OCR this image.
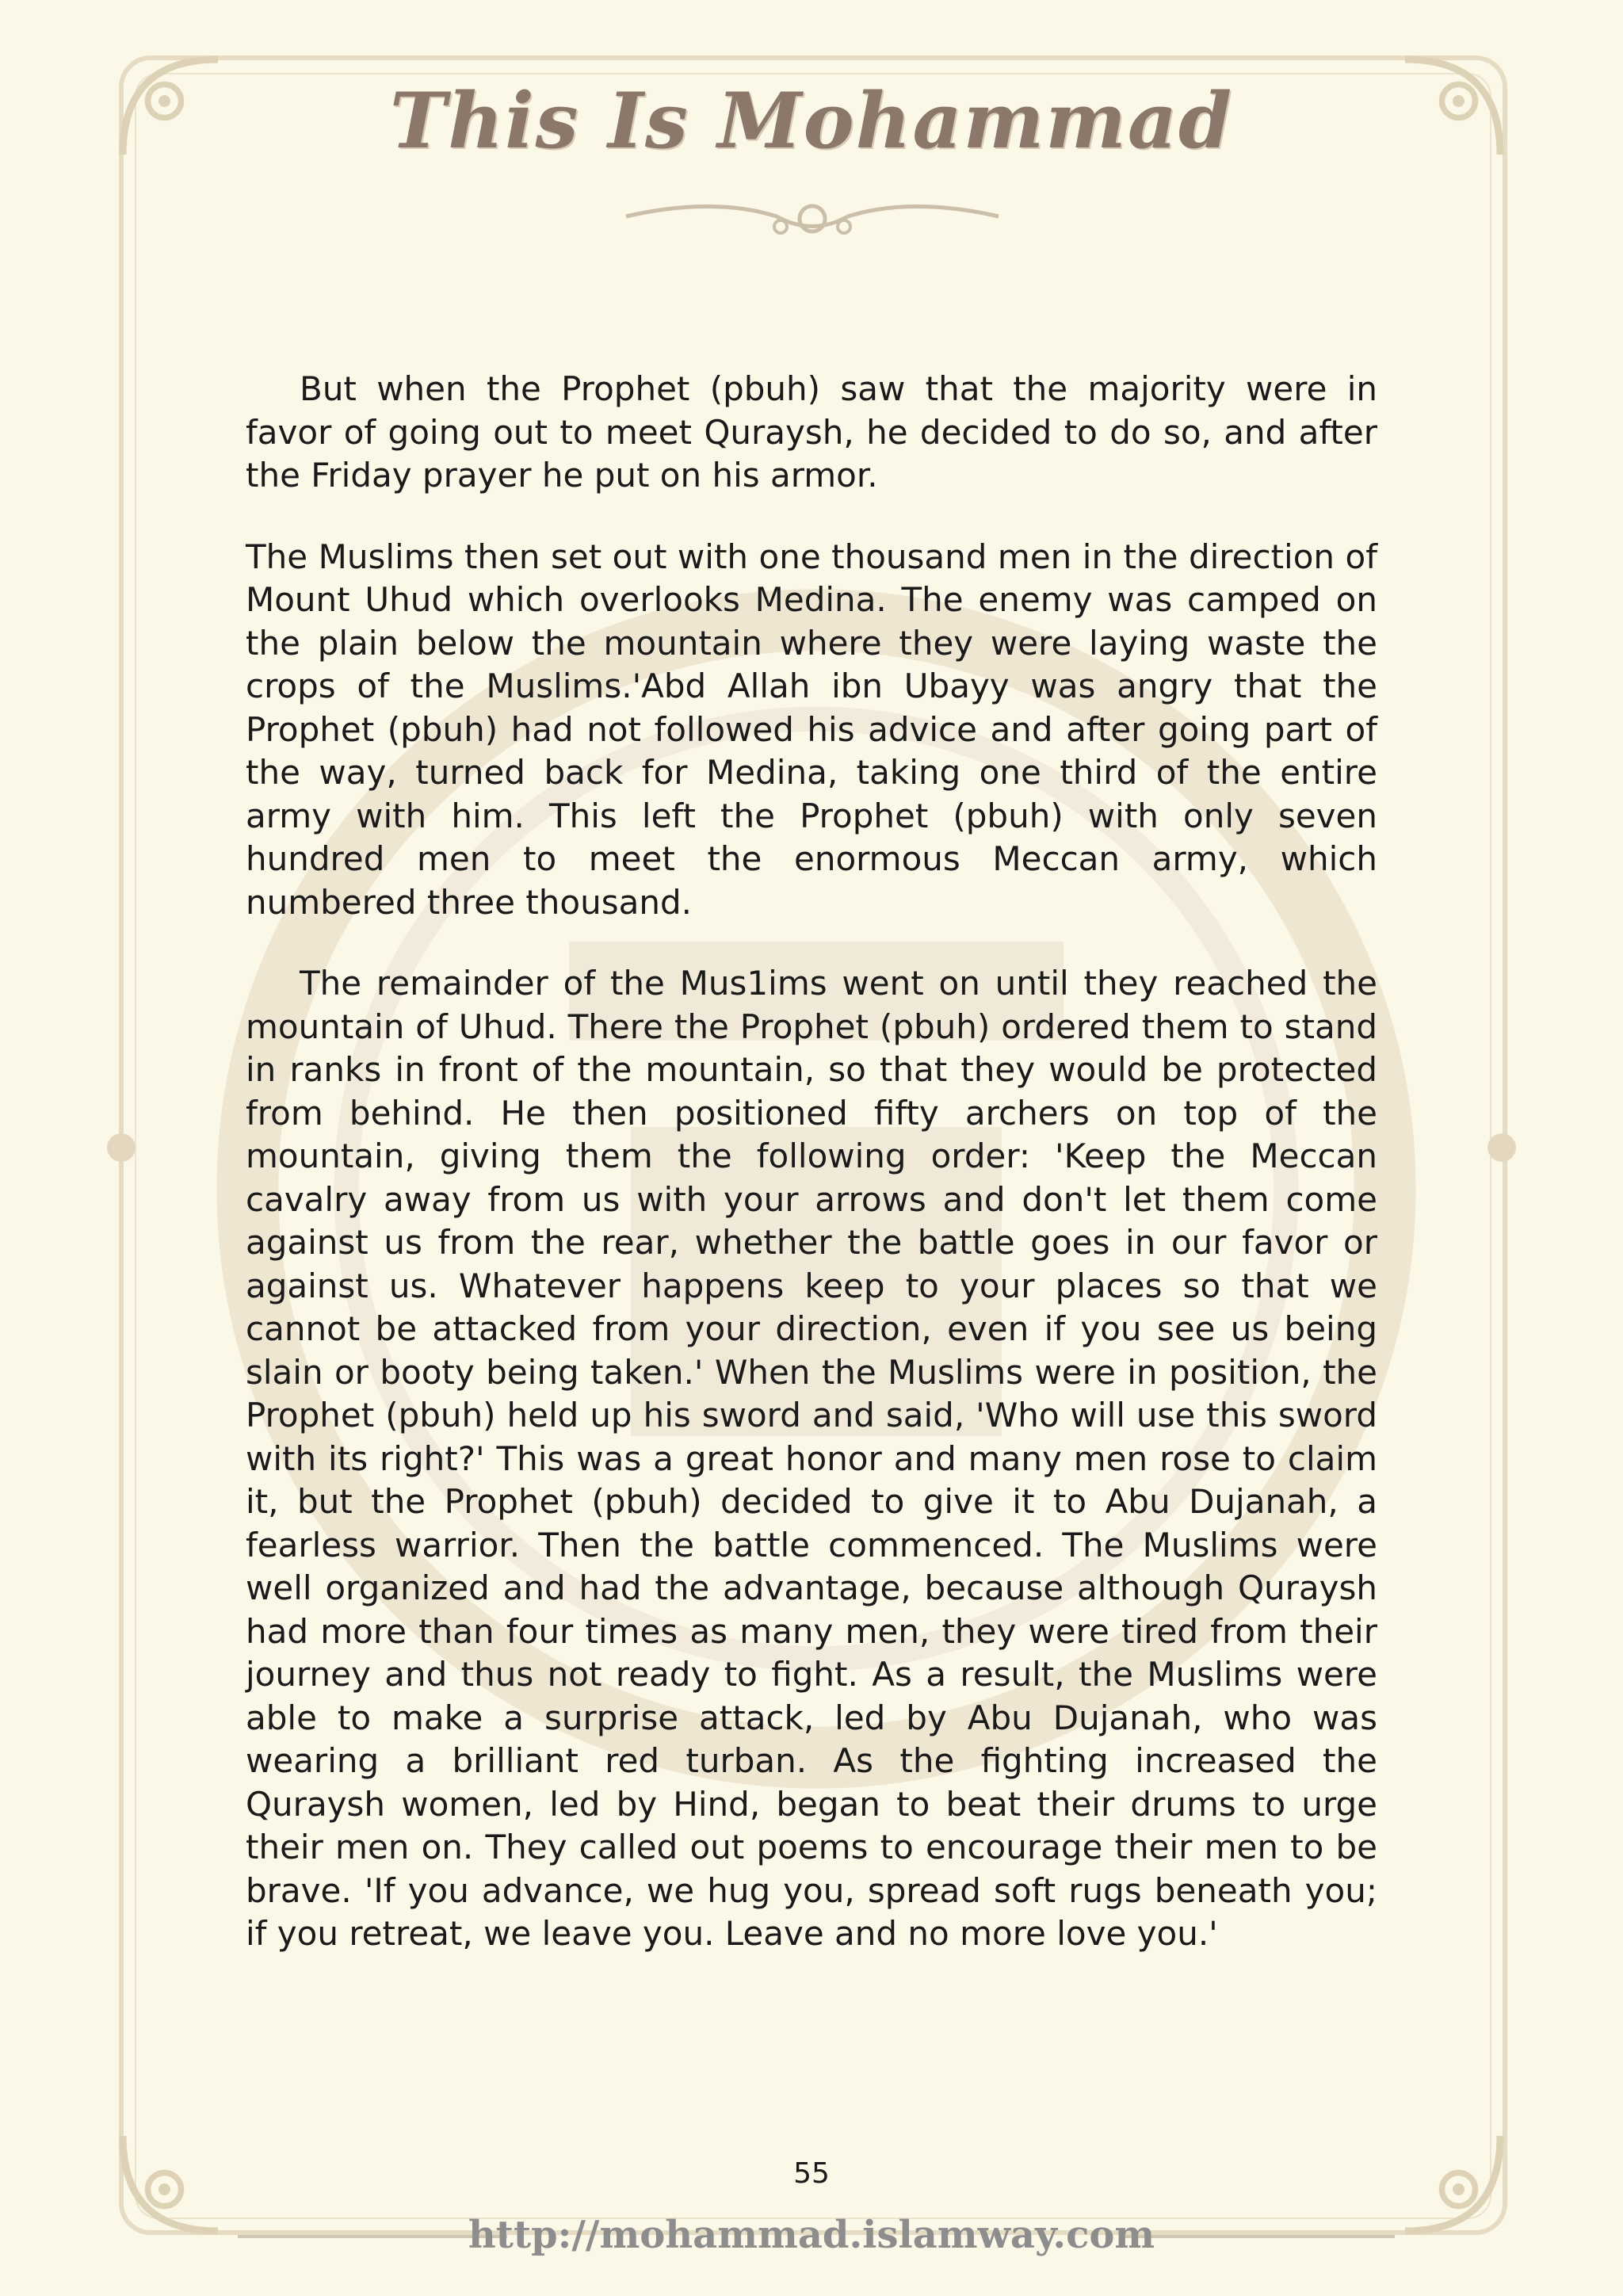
This Is Mohammad

But when the Prophet (pbuh) saw that the majority were in favor of going out to meet Quraysh, he decided to do so, and after the Friday prayer he put on his armor.

The Muslims then set out with one thousand men in the direction of Mount Uhud which overlooks Medina. The enemy was camped on the plain below the mountain where they were laying waste the crops of the Muslims.'Abd Allah ibn Ubayy was angry that the Prophet (pbuh) had not followed his advice and after going part of the way, turned back for Medina, taking one third of the entire army with him. This left the Prophet (pbuh) with only seven hundred men to meet the enormous Meccan army, which numbered three thousand.

The remainder of the Mus1ims went on until they reached the mountain of Uhud. There the Prophet (pbuh) ordered them to stand in ranks in front of the mountain, so that they would be protected from behind. He then positioned fifty archers on top of the mountain, giving them the following order: 'Keep the Meccan cavalry away from us with your arrows and don't let them come against us from the rear, whether the battle goes in our favor or against us. Whatever happens keep to your places so that we cannot be attacked from your direction, even if you see us being slain or booty being taken.' When the Muslims were in position, the Prophet (pbuh) held up his sword and said, 'Who will use this sword with its right?' This was a great honor and many men rose to claim it, but the Prophet (pbuh) decided to give it to Abu Dujanah, a fearless warrior. Then the battle commenced. The Muslims were well organized and had the advantage, because although Quraysh had more than four times as many men, they were tired from their journey and thus not ready to fight. As a result, the Muslims were able to make a surprise attack, led by Abu Dujanah, who was wearing a brilliant red turban. As the fighting increased the Quraysh women, led by Hind, began to beat their drums to urge their men on. They called out poems to encourage their men to be brave. 'If you advance, we hug you, spread soft rugs beneath you; if you retreat, we leave you. Leave and no more love you.'

55
http://mohammad.islamway.com
